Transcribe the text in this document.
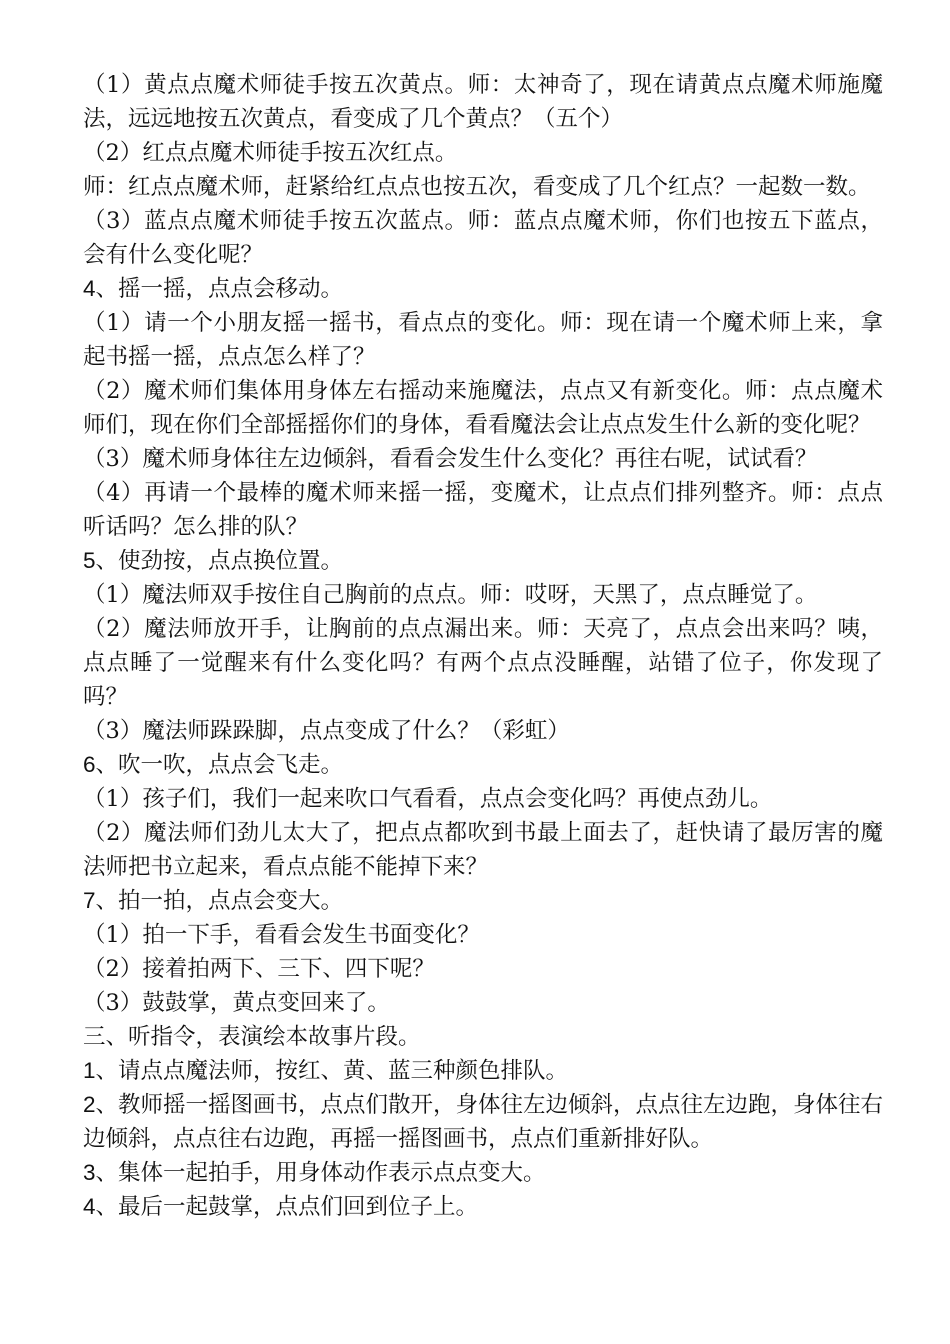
（1）黄点点魔术师徒手按五次黄点。师：太神奇了，现在请黄点点魔术师施魔法，远远地按五次黄点，看变成了几个黄点？（五个）

（2）红点点魔术师徒手按五次红点。

师：红点点魔术师，赶紧给红点点也按五次，看变成了几个红点？一起数一数。

（3）蓝点点魔术师徒手按五次蓝点。师：蓝点点魔术师，你们也按五下蓝点，会有什么变化呢？

4、摇一摇，点点会移动。

（1）请一个小朋友摇一摇书，看点点的变化。师：现在请一个魔术师上来，拿起书摇一摇，点点怎么样了？

（2）魔术师们集体用身体左右摇动来施魔法，点点又有新变化。师：点点魔术师们，现在你们全部摇摇你们的身体，看看魔法会让点点发生什么新的变化呢？

（3）魔术师身体往左边倾斜，看看会发生什么变化？再往右呢，试试看？

（4）再请一个最棒的魔术师来摇一摇，变魔术，让点点们排列整齐。师：点点听话吗？怎么排的队？

5、使劲按，点点换位置。

（1）魔法师双手按住自己胸前的点点。师：哎呀，天黑了，点点睡觉了。

（2）魔法师放开手，让胸前的点点漏出来。师：天亮了，点点会出来吗？咦，点点睡了一觉醒来有什么变化吗？有两个点点没睡醒，站错了位子，你发现了吗？

（3）魔法师跺跺脚，点点变成了什么？（彩虹）

6、吹一吹，点点会飞走。

（1）孩子们，我们一起来吹口气看看，点点会变化吗？再使点劲儿。

（2）魔法师们劲儿太大了，把点点都吹到书最上面去了，赶快请了最厉害的魔法师把书立起来，看点点能不能掉下来？

7、拍一拍，点点会变大。

（1）拍一下手，看看会发生书面变化？

（2）接着拍两下、三下、四下呢？

（3）鼓鼓掌，黄点变回来了。

三、听指令，表演绘本故事片段。

1、请点点魔法师，按红、黄、蓝三种颜色排队。

2、教师摇一摇图画书，点点们散开，身体往左边倾斜，点点往左边跑，身体往右边倾斜，点点往右边跑，再摇一摇图画书，点点们重新排好队。

3、集体一起拍手，用身体动作表示点点变大。

4、最后一起鼓掌，点点们回到位子上。
